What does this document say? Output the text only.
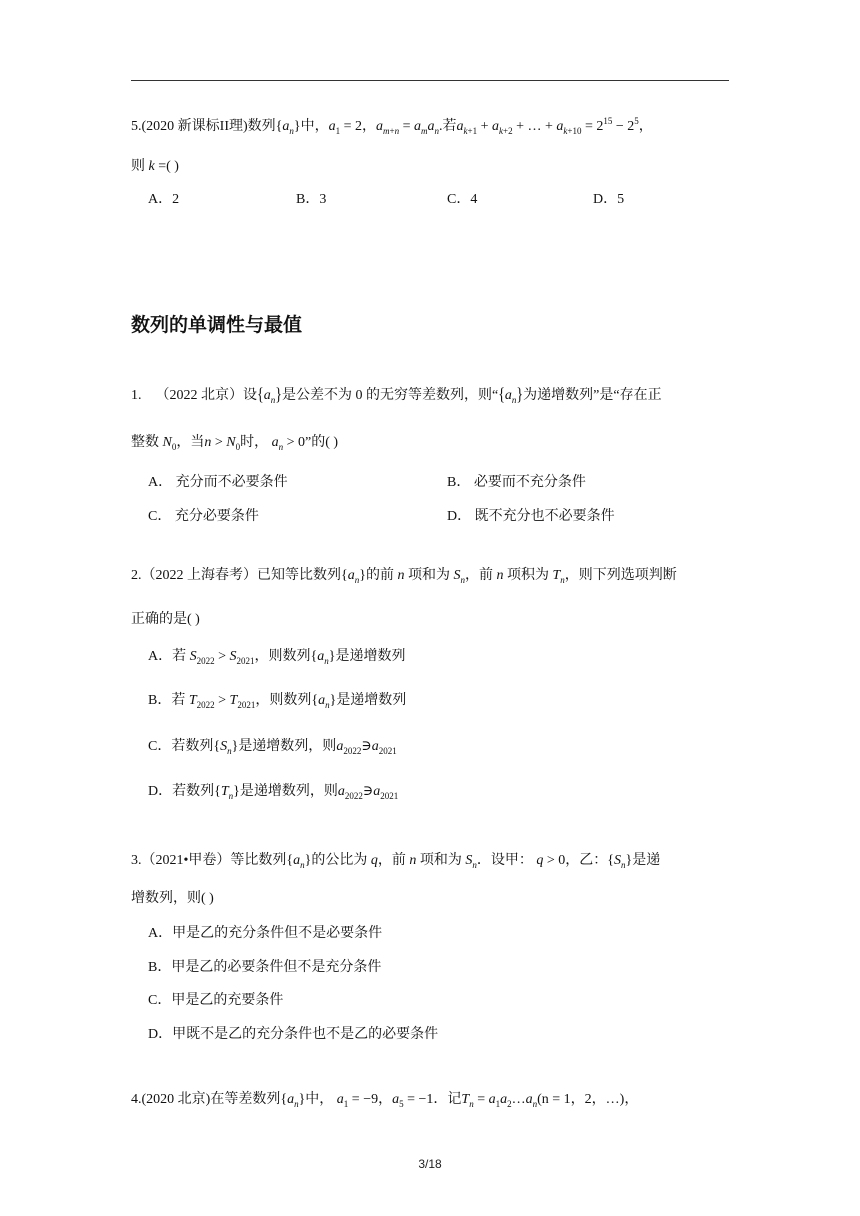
5.(2020 新课标II理)数列$\{a_n\}$中，$a_1 = 2$，$a_{m+n} = a_ma_n$.若$a_{k+1} + a_{k+2}$ + … + $a_{k+10} = 2^{15} - 2^5$，
则 k =( )
A．2	B．3	C．4	D．5
数列的单调性与最值
1. （2022 北京）设$\{a_n\}$是公差不为 0 的无穷等差数列，则“$\{a_n\}$为递增数列”是“存在正
整数 $N_0$，当$n > N_0$时， $a_n > 0$”的( )
A． 充分而不必要条件	B． 必要而不充分条件
C． 充分必要条件	D． 既不充分也不必要条件
2.（2022 上海春考）已知等比数列$\{a_n\}$的前 n 项和为 $S_n$，前 n 项积为 $T_n$，则下列选项判断
正确的是( )
A．若 $S_{2022} > S_{2021}$，则数列$\{a_n\}$是递增数列
B．若 $T_{2022} > T_{2021}$，则数列$\{a_n\}$是递增数列
C．若数列$\{S_n\}$是递增数列，则$a_{2022}∋a_{2021}$
D．若数列$\{T_n\}$是递增数列，则$a_{2022}∋a_{2021}$
3.（2021•甲卷）等比数列$\{a_n\}$的公比为 q，前 n 项和为 $S_n$．设甲： q > 0，乙：$\{S_n\}$是递
增数列，则( )
A．甲是乙的充分条件但不是必要条件
B．甲是乙的必要条件但不是充分条件
C．甲是乙的充要条件
D．甲既不是乙的充分条件也不是乙的必要条件
4.(2020 北京)在等差数列$\{a_n\}$中， $a_1 = -9$，$a_5 = -1$．记$T_n$ = $a_1a_2\dots a_n(n = 1$，2，…)，
3/18
